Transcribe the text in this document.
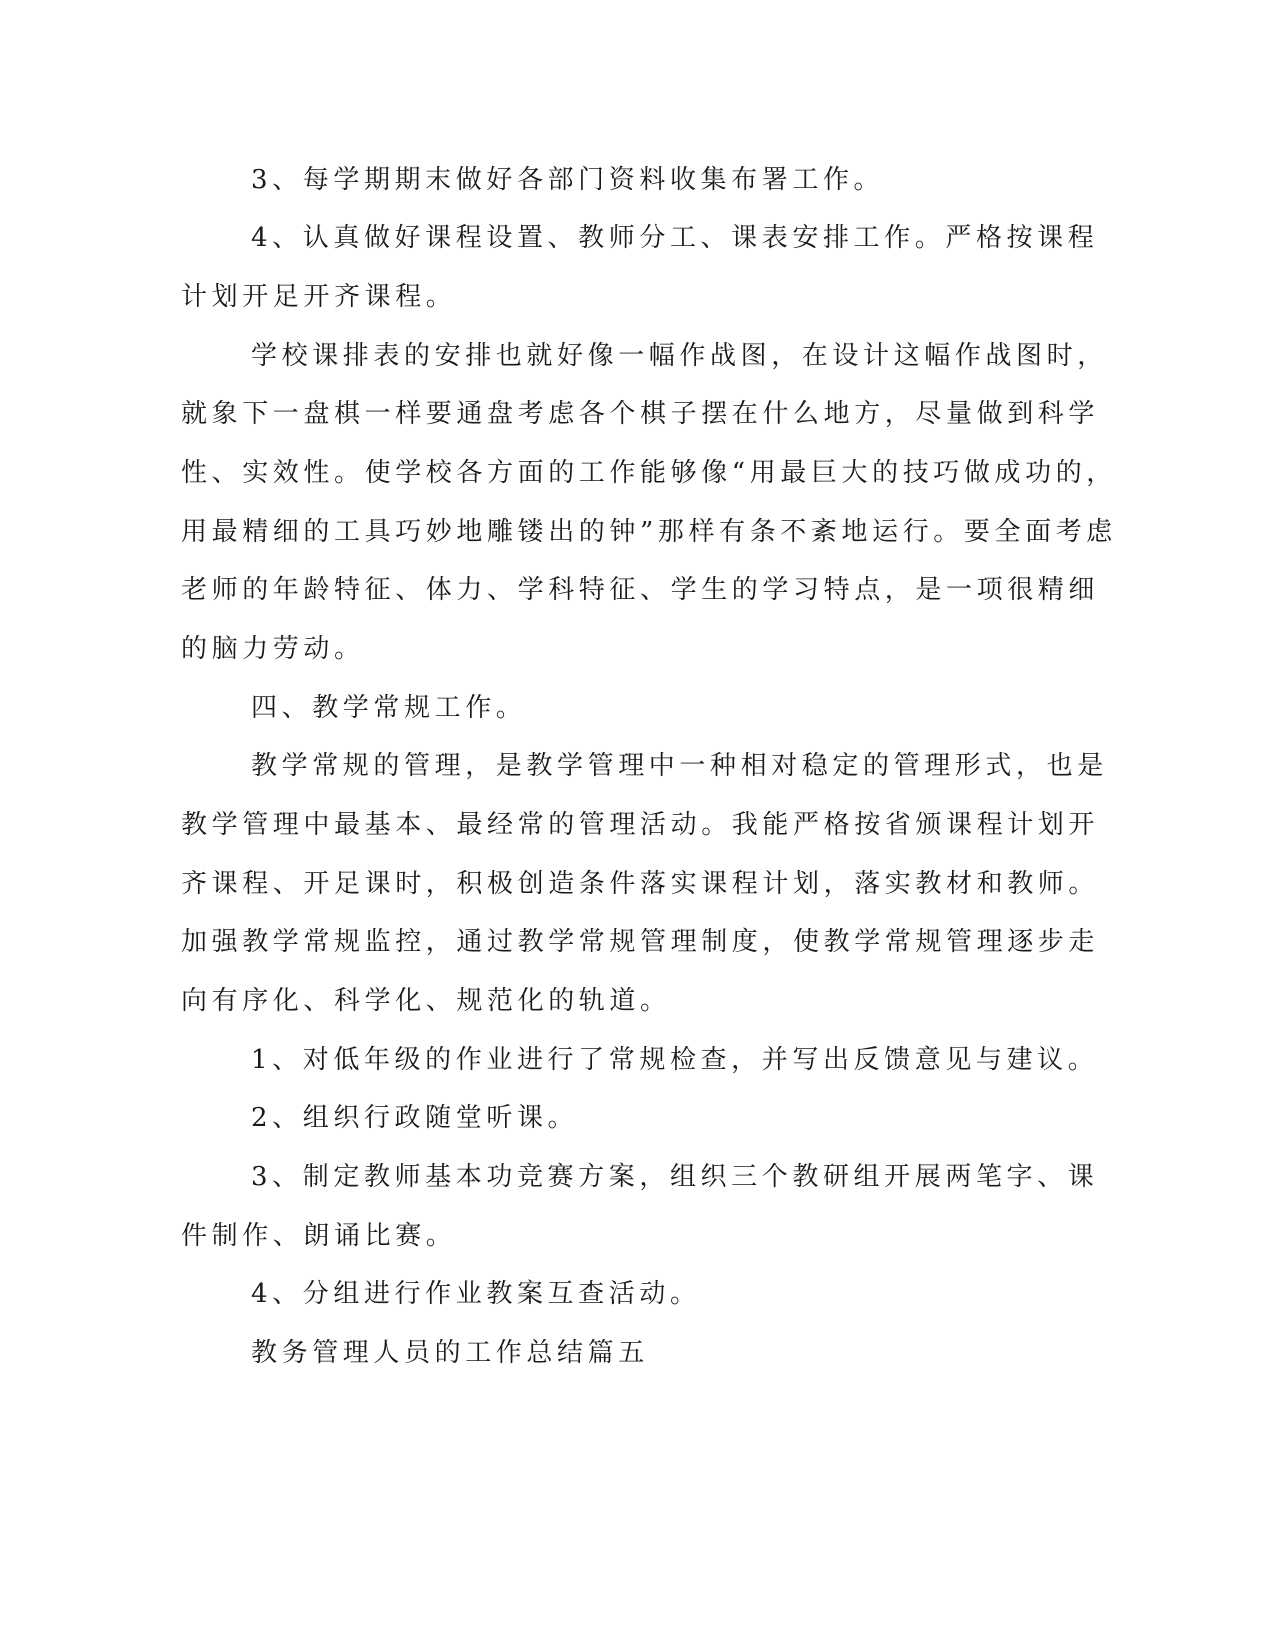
3、每学期期末做好各部门资料收集布署工作。
4、认真做好课程设置、教师分工、课表安排工作。严格按课程
计划开足开齐课程。
学校课排表的安排也就好像一幅作战图，在设计这幅作战图时，
就象下一盘棋一样要通盘考虑各个棋子摆在什么地方，尽量做到科学
性、实效性。使学校各方面的工作能够像“用最巨大的技巧做成功的，
用最精细的工具巧妙地雕镂出的钟”那样有条不紊地运行。要全面考虑
老师的年龄特征、体力、学科特征、学生的学习特点，是一项很精细
的脑力劳动。
四、教学常规工作。
教学常规的管理，是教学管理中一种相对稳定的管理形式，也是
教学管理中最基本、最经常的管理活动。我能严格按省颁课程计划开
齐课程、开足课时，积极创造条件落实课程计划，落实教材和教师。
加强教学常规监控，通过教学常规管理制度，使教学常规管理逐步走
向有序化、科学化、规范化的轨道。
1、对低年级的作业进行了常规检查，并写出反馈意见与建议。
2、组织行政随堂听课。
3、制定教师基本功竞赛方案，组织三个教研组开展两笔字、课
件制作、朗诵比赛。
4、分组进行作业教案互查活动。
教务管理人员的工作总结篇五
